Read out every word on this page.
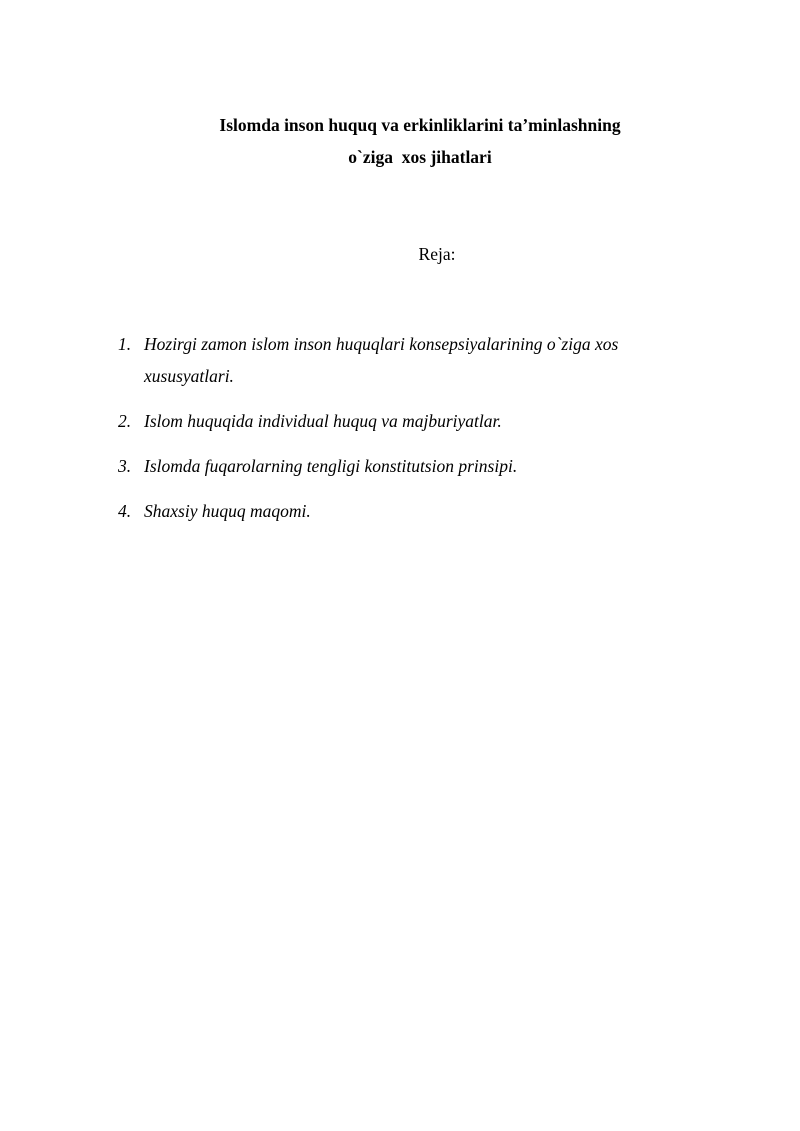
Islomda inson huquq va erkinliklarini ta’minlashning

o`ziga  xos jihatlari

Reja:

1. Hozirgi zamon islom inson huquqlari konsepsiyalarining o`ziga xos xususyatlari.
2. Islom huquqida individual huquq va majburiyatlar.
3. Islomda fuqarolarning tengligi konstitutsion prinsipi.
4. Shaxsiy huquq maqomi.
